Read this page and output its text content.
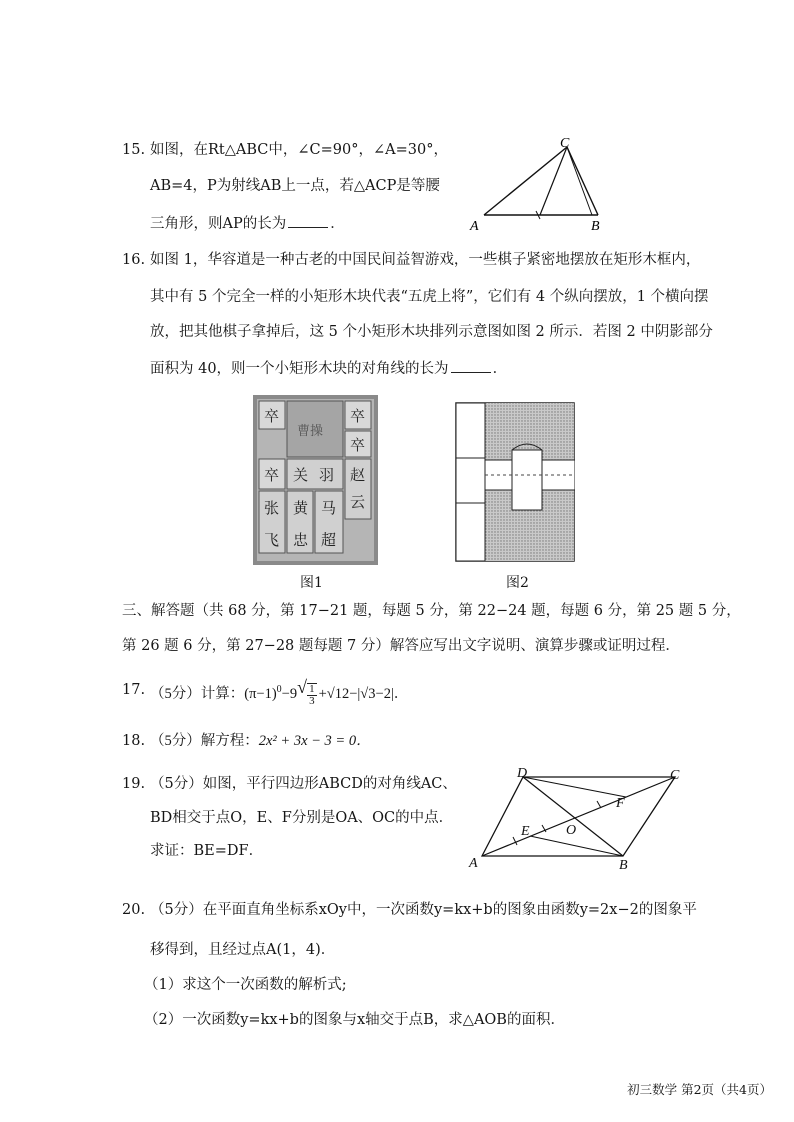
15. 如图，在Rt△ABC中，∠C=90°，∠A=30°，
AB=4，P为射线AB上一点，若△ACP是等腰
三角形，则AP的长为	．	A	B
C
16. 如图 1，华容道是一种古老的中国民间益智游戏，一些棋子紧密地摆放在矩形木框内，
其中有 5 个完全一样的小矩形木块代表“五虎上将”，它们有 4 个纵向摆放，1 个横向摆
放，把其他棋子拿掉后，这 5 个小矩形木块排列示意图如图 2 所示．若图 2 中阴影部分
面积为 40，则一个小矩形木块的对角线的长为	．
卒
曹操
卒
卒
卒 关 羽 赵
云
张 黄 马
飞 忠 超
图1	图2
三、解答题（共 68 分，第 17−21 题，每题 5 分，第 22−24 题，每题 6 分，第 25 题 5 分，
第 26 题 6 分，第 27−28 题每题 7 分）解答应写出文字说明、演算步骤或证明过程．
17. （5分）计算：$(\pi-1)^0-9$ √ 1
3 +√12−|√3−2|．
18. （5分）解方程：2x² + 3x − 3 = 0．
19. （5分）如图，平行四边形ABCD的对角线AC、
BD相交于点O，E、F分别是OA、OC的中点．
求证：BE=DF．
A	B
C
D
E
F
O
20. （5分）在平面直角坐标系xOy中，一次函数y=kx+b的图象由函数y=2x−2的图象平
移得到，且经过点A(1，4)．
（1）求这个一次函数的解析式;
（2）一次函数y=kx+b的图象与x轴交于点B，求△AOB的面积．
初三数学 第2页（共4页）
